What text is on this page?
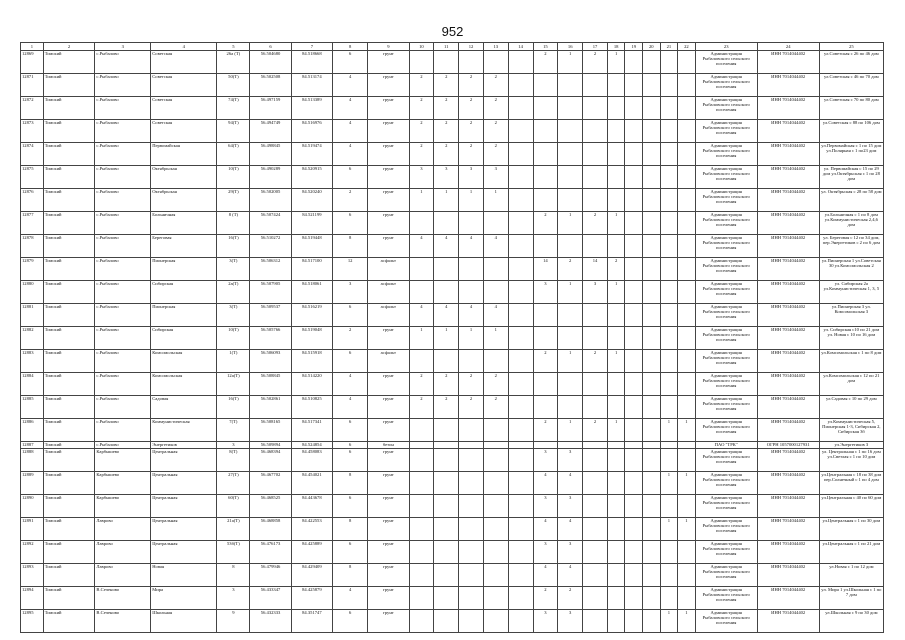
952
1	2	3	4	5	6	7	8	9	10	11	12	13	14	15	16	17	18	19	20	21	22	23	24	25
12869	Томский	с.Рыбалово	Советская	26а (Т)	56.504680	84.518668	6	грунт						2	1	2	1					Администрация Рыбаловского сельского поселения	ИНН 7014044402	ул.Советская с 26 по 46 дом
12871	Томский	с.Рыбалово	Советская	50(Т)	56.502508	84.513174	4	грунт	2	2	2	2										Администрация Рыбаловского сельского поселения	ИНН 7014044402	ул.Советская с 46 по 70 дом
12872	Томский	с.Рыбалово	Советская	74(Т)	56.497159	84.513389	4	грунт	2	2	2	2										Администрация Рыбаловского сельского поселения	ИНН 7014044402	ул.Советская с 70 по 80 дом
12873	Томский	с.Рыбалово	Советская	94(Т)	56.494749	84.516976	4	грунт	2	2	2	2										Администрация Рыбаловского сельского поселения	ИНН 7014044402	ул.Советская с 88 по 106 дом
12874	Томский	с.Рыбалово	Первомайская	64(Т)	56.498845	84.519474	4	грунт	2	2	2	2										Администрация Рыбаловского сельского поселения	ИНН 7014044402	ул.Первомайская с 1 по 15 дом ул.Полярная с 1 по23 дом
12875	Томский	с.Рыбалово	Октябрьская	10(Т)	56.490289	84.520915	6	грунт	3	3	3	3										Администрация Рыбаловского сельского поселения	ИНН 7014044402	ул. Первомайская с 15 по 29 дом ул.Октябрьская с 1 по 28 дом
12876	Томский	с.Рыбалово	Октябрьская	29(Т)	56.502005	84.520240	2	грунт	1	1	1	1										Администрация Рыбаловского сельского поселения	ИНН 7014044402	ул. Октябрьская с 28 по 58 дом
12877	Томский	с.Рыбалово	Больничная	8 (Т)	56.507424	84.521199	6	грунт						2	1	2	1					Администрация Рыбаловского сельского поселения	ИНН 7014044402	ул.Больничная с 1 по 8 дом ул.Коммунистическая 2,4,6 дом
12878	Томский	с.Рыбалово	Береговая	16(Т)	56.510272	84.519448	8	грунт	4	4	4	4										Администрация Рыбаловского сельского поселения	ИНН 7014044402	ул. Береговая с 12 по 34 дом, пер.Энергетиков с 2 по 6 дом
12879	Томский	с.Рыбалово	Пионерская	3(Т)	56.506312	84.517100	12	асфальт						14	2	14	2					Администрация Рыбаловского сельского поселения	ИНН 7014044402	ул.Пионерская 1 ул.Советская 30 ул.Комсомольская 2
12880	Томский	с.Рыбалово	Сибирская	2а(Т)	56.507905	84.518061	3	асфальт						3	1	3	1					Администрация Рыбаловского сельского поселения	ИНН 7014044402	ул. Сибирская 2а ул.Коммунистическая 1, 3, 5
12881	Томский	с.Рыбалово	Пионерская	3(Т)	56.509537	84.516219	6	асфальт	4	4	4	4										Администрация Рыбаловского сельского поселения	ИНН 7014044402	ул.Пионерская 3 ул. Комсомольская 3
12882	Томский	с.Рыбалово	Сибирская	10(Т)	56.505766	84.519048	2	грунт	1	1	1	1										Администрация Рыбаловского сельского поселения	ИНН 7014044402	ул. Сибирская с10 по 21 дом ул. Новая с 10 по 16 дом
12883	Томский	с.Рыбалово	Комсомольская	1(Т)	56.506093	84.515918	6	асфальт						2	1	2	1					Администрация Рыбаловского сельского поселения	ИНН 7014044402	ул.Комсомольская с 1 по 8 дом
12884	Томский	с.Рыбалово	Комсомольская	12а(Т)	56.508845	84.514220	4	грунт	2	2	2	2										Администрация Рыбаловского сельского поселения	ИНН 7014044402	ул.Комсомольская с 12 по 21 дом
12885	Томский	с.Рыбалово	Садовая	16(Т)	56.502861	84.510825	4	грунт	2	2	2	2										Администрация Рыбаловского сельского поселения	ИНН 7014044402	ул.Садовая с 10 по 29 дом
12886	Томский	с.Рыбалово	Коммунистическая	7(Т)	56.508165	84.517341	6	грунт						2	1	2	1			1	1	Администрация Рыбаловского сельского поселения	ИНН 7014044402	ул.Коммунистическая 5, Пионерская 1-3, Сибирская 2, Сибирская 3б
12887	Томский	с.Рыбалово	Энергетиков	3	56.509894	84.524854	6	бетон														ПАО "ТРК"	ОГРН 1057000127931	ул.Энергетиков 3
12888	Томский	Карбышево	Центральная	8(Т)	56.468394	84.458083	6	грунт						3	3							Администрация Рыбаловского сельского поселения	ИНН 7014044402	ул. Центральная с 1 по 16 дом ул.Светлая с 1 по 10 дом
12889	Томский	Карбышево	Центральная	27(Т)	56.467702	84.454021	8	грунт						4	4					1	1	Администрация Рыбаловского сельского поселения	ИНН 7014044402	ул.Центральная с 18 по 38 дом пер.Солнечный с 1 по 4 дом
12890	Томский	Карбышево	Центральная	60(Т)	56.468525	84.443678	6	грунт						3	3							Администрация Рыбаловского сельского поселения	ИНН 7014044402	ул.Центральная с 40 по 60 дом
12891	Томский	Лаврово	Центральная	21а(Т)	56.468858	84.422553	8	грунт						4	4					1	1	Администрация Рыбаловского сельского поселения	ИНН 7014044402	ул.Центральная с 1 по 30 дом
12892	Томский	Лаврово	Центральная	53б(Т)	56.476173	84.425889	6	грунт						3	3							Администрация Рыбаловского сельского поселения	ИНН 7014044402	ул.Центральная с 1 по 21 дом
12893	Томский	Лаврово	Новая	8	56.479946	84.429409	8	грунт						4	4							Администрация Рыбаловского сельского поселения	ИНН 7014044402	ул.Новая с 1 по 12 дом
12894	Томский	В.Сеченово	Мира	3	56.433347	84.425879	4	грунт						2	2							Администрация Рыбаловского сельского поселения	ИНН 7014044402	ул. Мира 1 ул.Школьная с 1 по 7 дом
12895	Томский	В.Сеченово	Школьная	9	56.432333	84.351747	6	грунт						3	3					1	1	Администрация Рыбаловского сельского поселения	ИНН 7014044402	ул.Школьная с 9 по 30 дом
